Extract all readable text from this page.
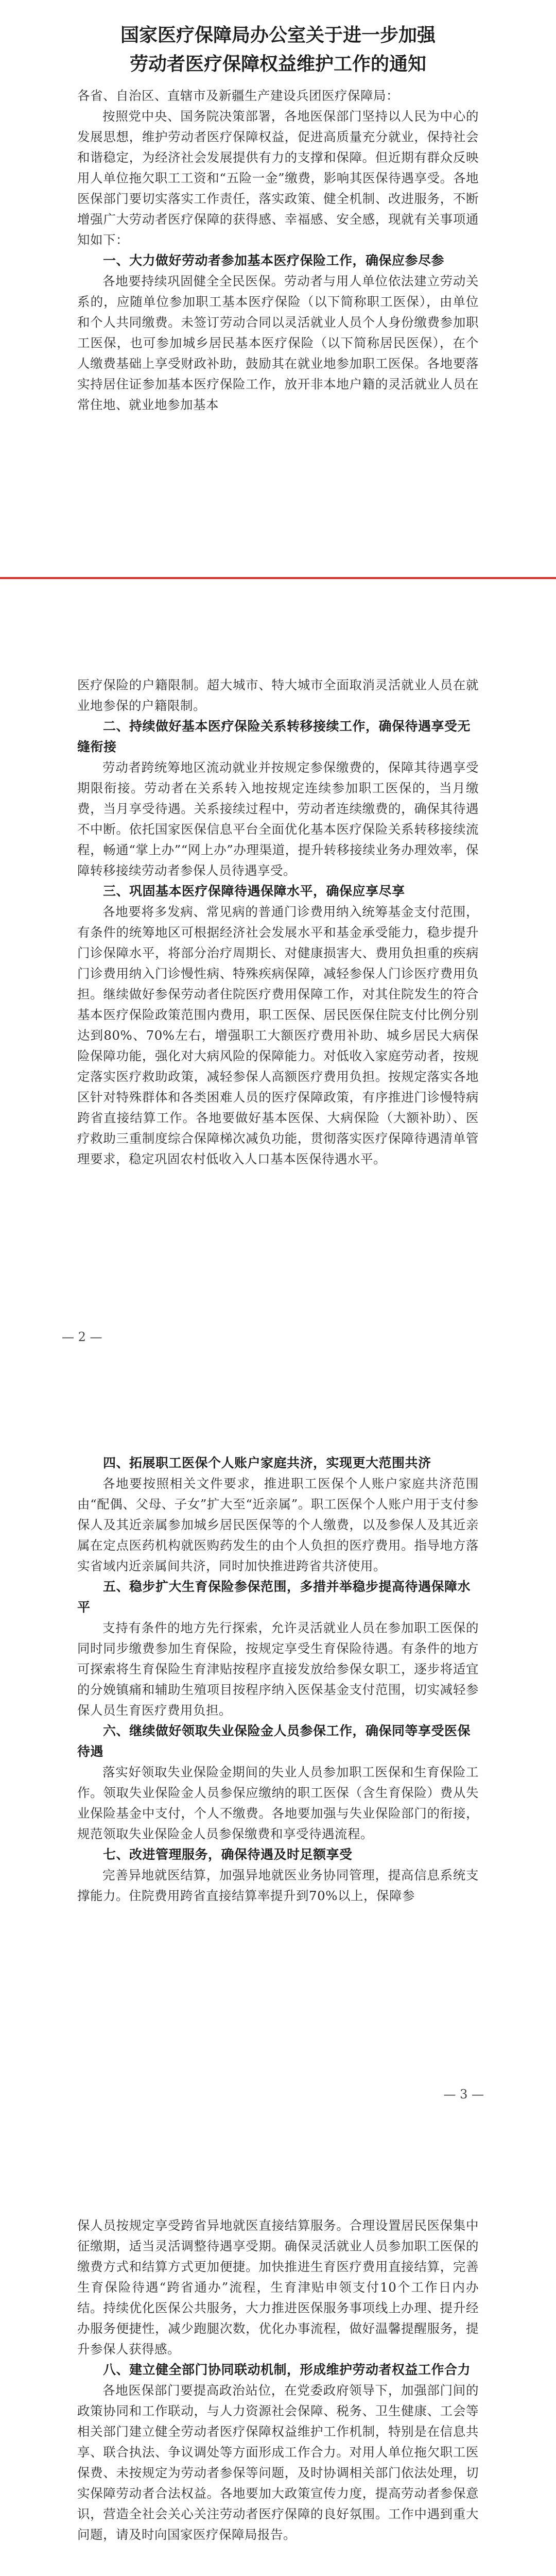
国家医疗保障局办公室关于进一步加强
劳动者医疗保障权益维护工作的通知

各省、自治区、直辖市及新疆生产建设兵团医疗保障局：

按照党中央、国务院决策部署，各地医保部门坚持以人民为中心的发展思想，维护劳动者医疗保障权益，促进高质量充分就业，保持社会和谐稳定，为经济社会发展提供有力的支撑和保障。但近期有群众反映用人单位拖欠职工工资和“五险一金”缴费，影响其医保待遇享受。各地医保部门要切实落实工作责任，落实政策、健全机制、改进服务，不断增强广大劳动者医疗保障的获得感、幸福感、安全感，现就有关事项通知如下：

一、大力做好劳动者参加基本医疗保险工作，确保应参尽参

各地要持续巩固健全全民医保。劳动者与用人单位依法建立劳动关系的，应随单位参加职工基本医疗保险（以下简称职工医保），由单位和个人共同缴费。未签订劳动合同以灵活就业人员个人身份缴费参加职工医保，也可参加城乡居民基本医疗保险（以下简称居民医保），在个人缴费基础上享受财政补助，鼓励其在就业地参加职工医保。各地要落实持居住证参加基本医疗保险工作，放开非本地户籍的灵活就业人员在常住地、就业地参加基本

医疗保险的户籍限制。超大城市、特大城市全面取消灵活就业人员在就业地参保的户籍限制。

二、持续做好基本医疗保险关系转移接续工作，确保待遇享受无缝衔接

劳动者跨统筹地区流动就业并按规定参保缴费的，保障其待遇享受期限衔接。劳动者在关系转入地按规定连续参加职工医保的，当月缴费，当月享受待遇。关系接续过程中，劳动者连续缴费的，确保其待遇不中断。依托国家医保信息平台全面优化基本医疗保险关系转移接续流程，畅通“掌上办”“网上办”办理渠道，提升转移接续业务办理效率，保障转移接续劳动者参保人员待遇享受。

三、巩固基本医疗保障待遇保障水平，确保应享尽享

各地要将多发病、常见病的普通门诊费用纳入统筹基金支付范围，有条件的统筹地区可根据经济社会发展水平和基金承受能力，稳步提升门诊保障水平，将部分治疗周期长、对健康损害大、费用负担重的疾病门诊费用纳入门诊慢性病、特殊疾病保障，减轻参保人门诊医疗费用负担。继续做好参保劳动者住院医疗费用保障工作，对其住院发生的符合基本医疗保险政策范围内费用，职工医保、居民医保住院支付比例分别达到80%、70%左右，增强职工大额医疗费用补助、城乡居民大病保险保障功能，强化对大病风险的保障能力。对低收入家庭劳动者，按规定落实医疗救助政策，减轻参保人高额医疗费用负担。按规定落实各地区针对特殊群体和各类困难人员的医疗保障政策，有序推进门诊慢特病跨省直接结算工作。各地要做好基本医保、大病保险（大额补助）、医疗救助三重制度综合保障梯次减负功能，贯彻落实医疗保障待遇清单管理要求，稳定巩固农村低收入人口基本医保待遇水平。

— 2 —

四、拓展职工医保个人账户家庭共济，实现更大范围共济

各地要按照相关文件要求，推进职工医保个人账户家庭共济范围由“配偶、父母、子女”扩大至“近亲属”。职工医保个人账户用于支付参保人及其近亲属参加城乡居民医保等的个人缴费，以及参保人及其近亲属在定点医药机构就医购药发生的由个人负担的医疗费用。指导地方落实省域内近亲属间共济，同时加快推进跨省共济使用。

五、稳步扩大生育保险参保范围，多措并举稳步提高待遇保障水平

支持有条件的地方先行探索，允许灵活就业人员在参加职工医保的同时同步缴费参加生育保险，按规定享受生育保险待遇。有条件的地方可探索将生育保险生育津贴按程序直接发放给参保女职工，逐步将适宜的分娩镇痛和辅助生殖项目按程序纳入医保基金支付范围，切实减轻参保人员生育医疗费用负担。

六、继续做好领取失业保险金人员参保工作，确保同等享受医保待遇

落实好领取失业保险金期间的失业人员参加职工医保和生育保险工作。领取失业保险金人员参保应缴纳的职工医保（含生育保险）费从失业保险基金中支付，个人不缴费。各地要加强与失业保险部门的衔接，规范领取失业保险金人员参保缴费和享受待遇流程。

七、改进管理服务，确保待遇及时足额享受

完善异地就医结算，加强异地就医业务协同管理，提高信息系统支撑能力。住院费用跨省直接结算率提升到70%以上，保障参

— 3 —

保人员按规定享受跨省异地就医直接结算服务。合理设置居民医保集中征缴期，适当灵活调整待遇享受期。确保灵活就业人员参加职工医保的缴费方式和结算方式更加便捷。加快推进生育医疗费用直接结算，完善生育保险待遇“跨省通办”流程，生育津贴申领支付10个工作日内办结。持续优化医保公共服务，大力推进医保服务事项线上办理、提升经办服务便捷性，减少跑腿次数，优化办事流程，做好温馨提醒服务，提升参保人获得感。

八、建立健全部门协同联动机制，形成维护劳动者权益工作合力

各地医保部门要提高政治站位，在党委政府领导下，加强部门间的政策协同和工作联动，与人力资源社会保障、税务、卫生健康、工会等相关部门建立健全劳动者医疗保障权益维护工作机制，特别是在信息共享、联合执法、争议调处等方面形成工作合力。对用人单位拖欠职工医保费、未按规定为劳动者参保等问题，及时协调相关部门依法处理，切实保障劳动者合法权益。各地要加大政策宣传力度，提高劳动者参保意识，营造全社会关心关注劳动者医疗保障的良好氛围。工作中遇到重大问题，请及时向国家医疗保障局报告。
